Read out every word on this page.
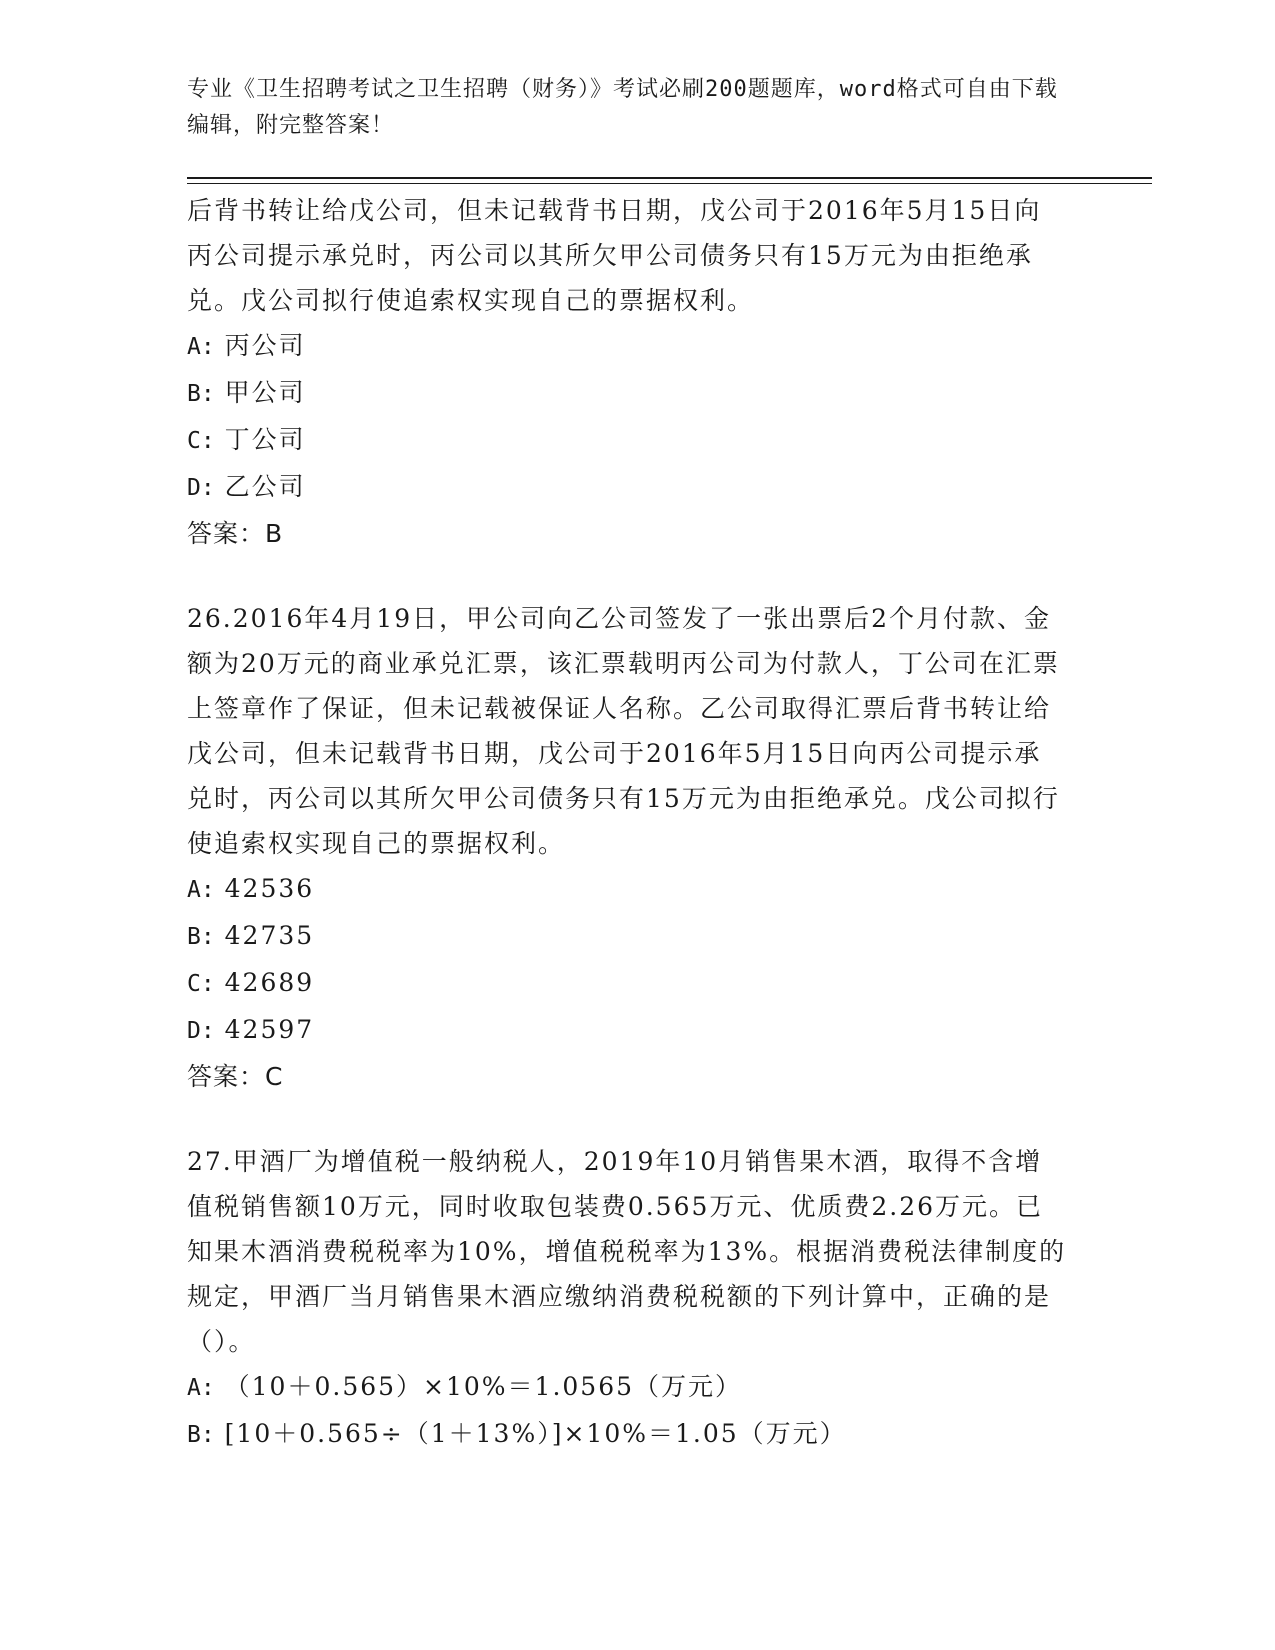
专业《卫生招聘考试之卫生招聘（财务）》考试必刷200题题库，word格式可自由下载编辑，附完整答案！

后背书转让给戊公司，但未记载背书日期，戊公司于2016年5月15日向丙公司提示承兑时，丙公司以其所欠甲公司债务只有15万元为由拒绝承兑。戊公司拟行使追索权实现自己的票据权利。

A: 丙公司

B: 甲公司

C: 丁公司

D: 乙公司

答案：B

26.2016年4月19日，甲公司向乙公司签发了一张出票后2个月付款、金额为20万元的商业承兑汇票，该汇票载明丙公司为付款人，丁公司在汇票上签章作了保证，但未记载被保证人名称。乙公司取得汇票后背书转让给戊公司，但未记载背书日期，戊公司于2016年5月15日向丙公司提示承兑时，丙公司以其所欠甲公司债务只有15万元为由拒绝承兑。戊公司拟行使追索权实现自己的票据权利。

A: 42536

B: 42735

C: 42689

D: 42597

答案：C

27.甲酒厂为增值税一般纳税人，2019年10月销售果木酒，取得不含增值税销售额10万元，同时收取包装费0.565万元、优质费2.26万元。已知果木酒消费税税率为10%，增值税税率为13%。根据消费税法律制度的规定，甲酒厂当月销售果木酒应缴纳消费税税额的下列计算中，正确的是（）。

A: （10＋0.565）×10%＝1.0565（万元）

B: [10＋0.565÷（1＋13%）]×10%＝1.05（万元）
